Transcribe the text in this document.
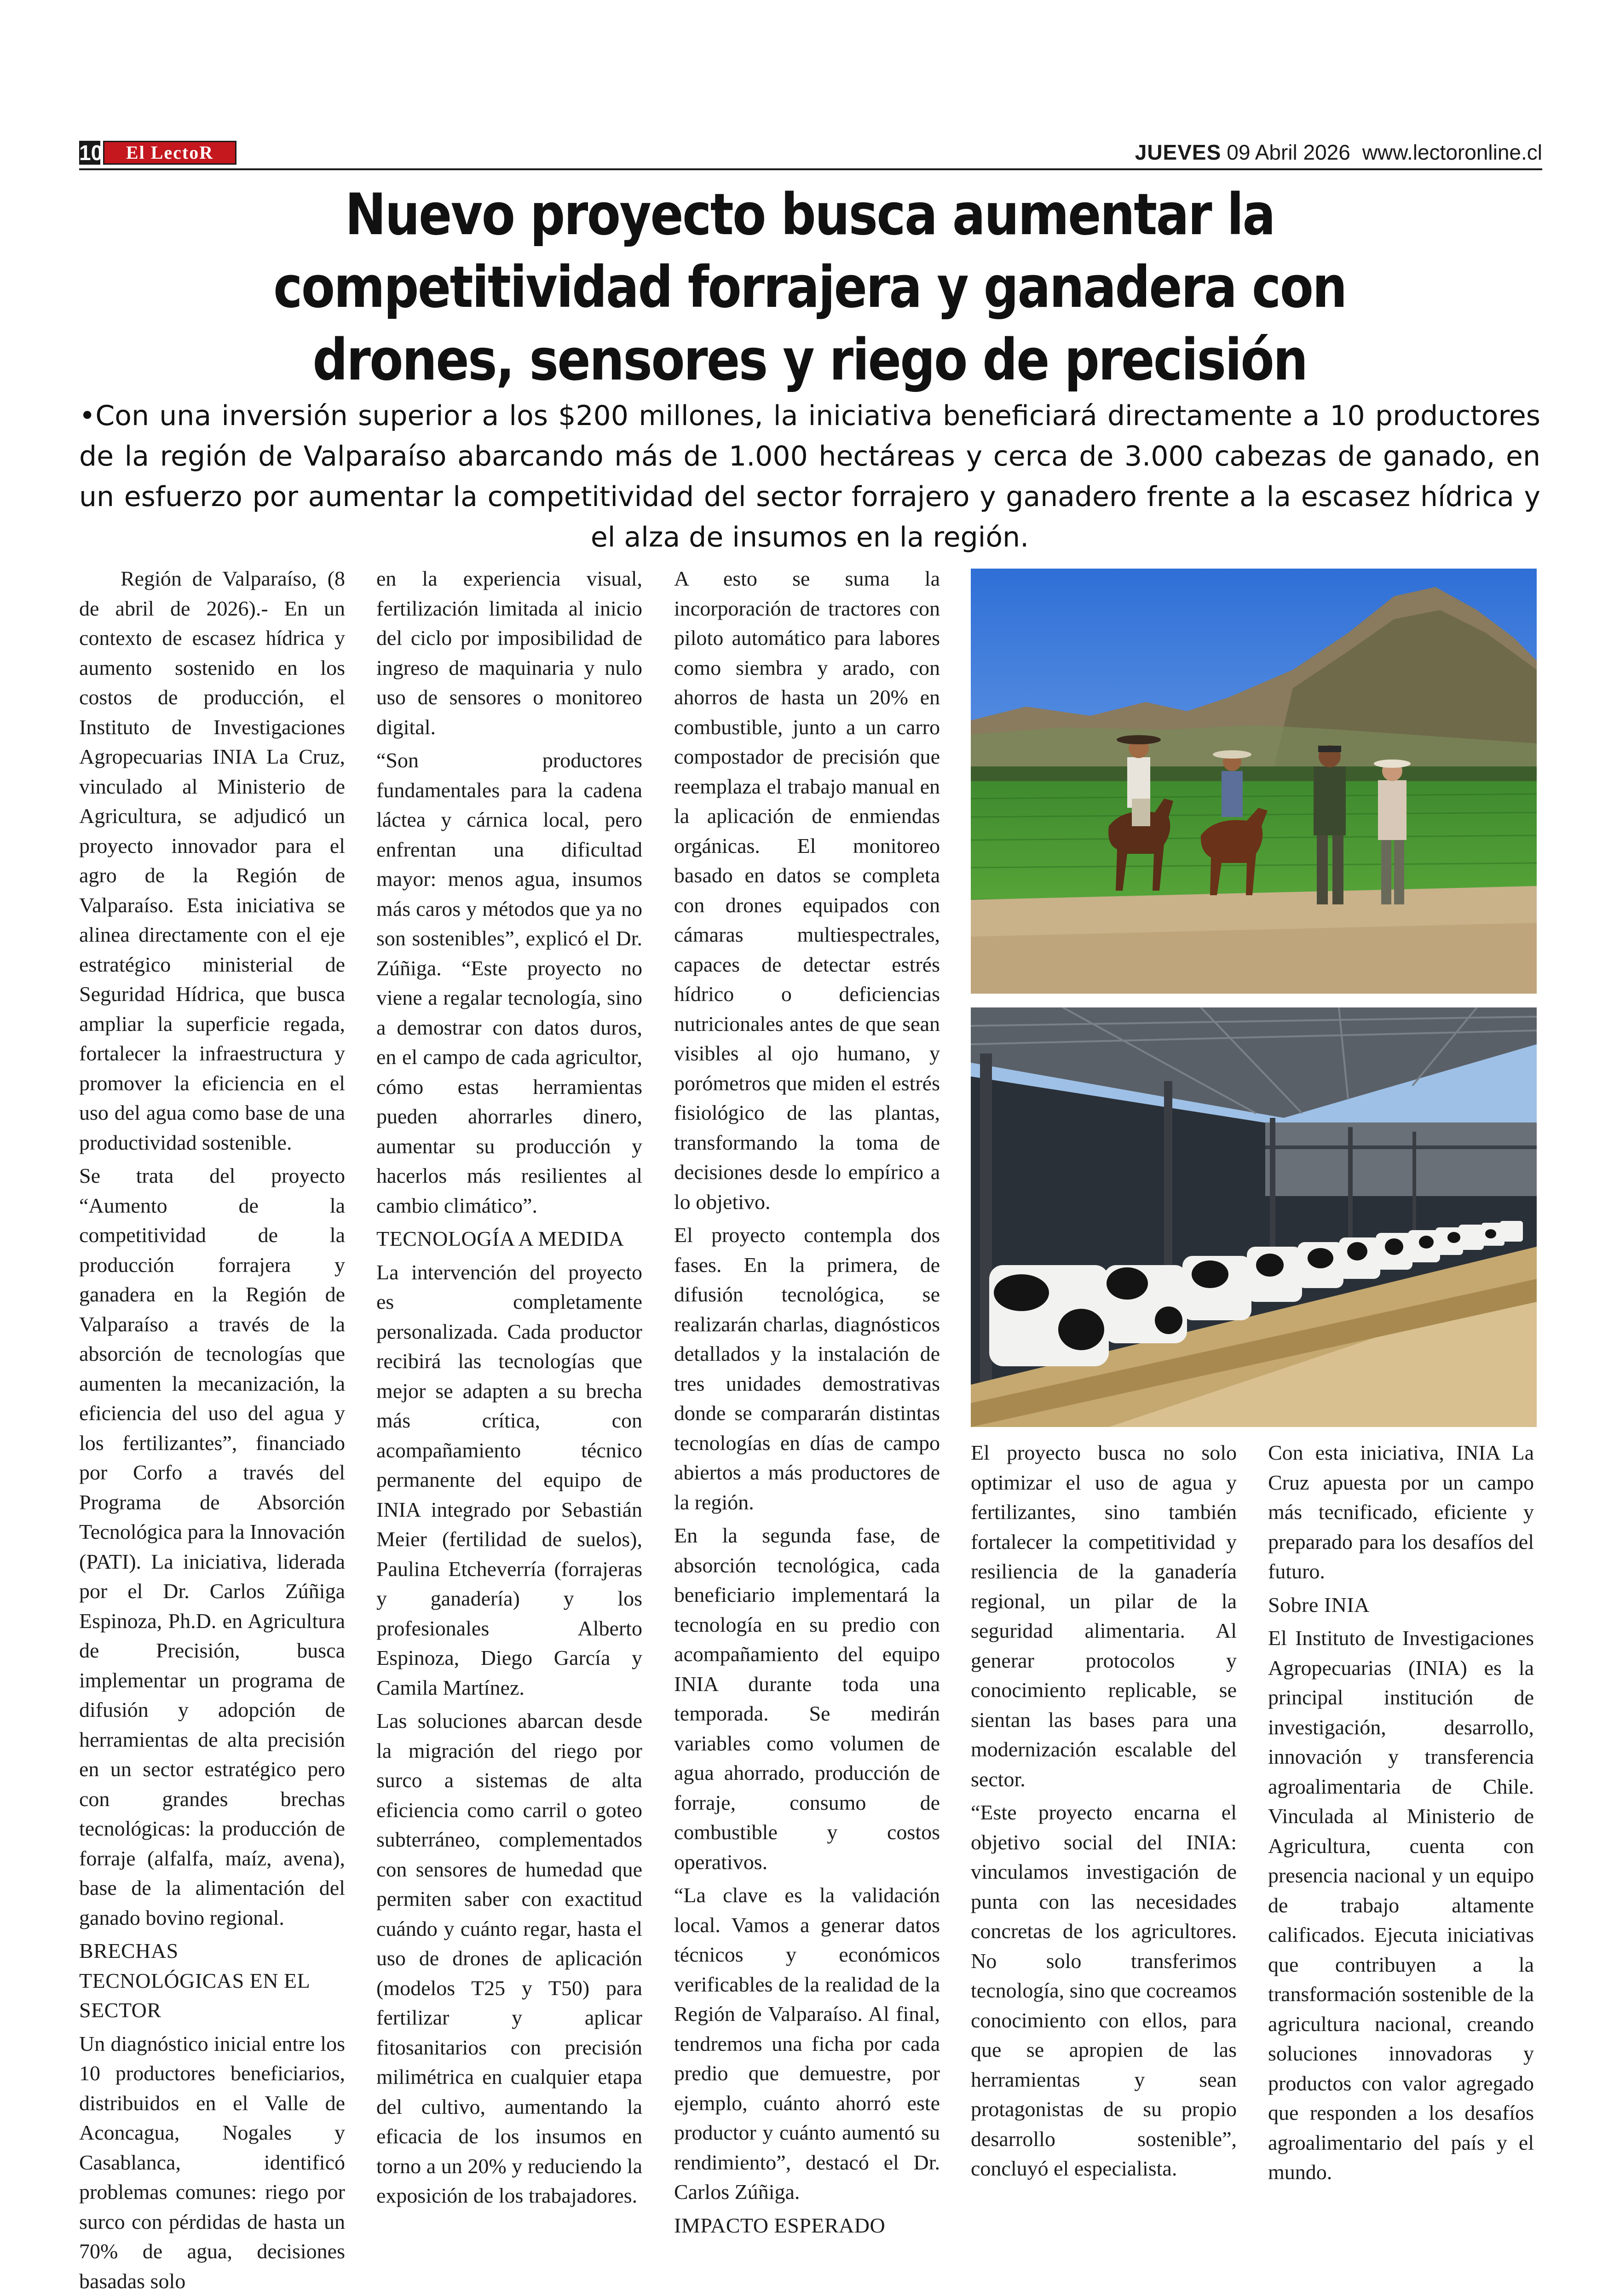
10	El LectoR	JUEVES 09 Abril 2026 www.lectoronline.cl
Nuevo proyecto busca aumentar la competitividad forrajera y ganadera con drones, sensores y riego de precisión
•Con una inversión superior a los $200 millones, la iniciativa beneficiará directamente a 10 productores de la región de Valparaíso abarcando más de 1.000 hectáreas y cerca de 3.000 cabezas de ganado, en un esfuerzo por aumentar la competitividad del sector forrajero y ganadero frente a la escasez hídrica y el alza de insumos en la región.

Región de Valparaíso, (8 de abril de 2026).- En un contexto de escasez hídrica y aumento sostenido en los costos de producción, el Instituto de Investigaciones Agropecuarias INIA La Cruz, vinculado al Ministerio de Agricultura, se adjudicó un proyecto innovador para el agro de la Región de Valparaíso. Esta iniciativa se alinea directamente con el eje estratégico ministerial de Seguridad Hídrica, que busca ampliar la superficie regada, fortalecer la infraestructura y promover la eficiencia en el uso del agua como base de una productividad sostenible.

Se trata del proyecto “Aumento de la competitividad de la producción forrajera y ganadera en la Región de Valparaíso a través de la absorción de tecnologías que aumenten la mecanización, la eficiencia del uso del agua y los fertilizantes”, financiado por Corfo a través del Programa de Absorción Tecnológica para la Innovación (PATI). La iniciativa, liderada por el Dr. Carlos Zúñiga Espinoza, Ph.D. en Agricultura de Precisión, busca implementar un programa de difusión y adopción de herramientas de alta precisión en un sector estratégico pero con grandes brechas tecnológicas: la producción de forraje (alfalfa, maíz, avena), base de la alimentación del ganado bovino regional.

BRECHAS TECNOLÓGICAS EN EL SECTOR

Un diagnóstico inicial entre los 10 productores beneficiarios, distribuidos en el Valle de Aconcagua, Nogales y Casablanca, identificó problemas comunes: riego por surco con pérdidas de hasta un 70% de agua, decisiones basadas solo

en la experiencia visual, fertilización limitada al inicio del ciclo por imposibilidad de ingreso de maquinaria y nulo uso de sensores o monitoreo digital.

“Son productores fundamentales para la cadena láctea y cárnica local, pero enfrentan una dificultad mayor: menos agua, insumos más caros y métodos que ya no son sostenibles”, explicó el Dr. Zúñiga. “Este proyecto no viene a regalar tecnología, sino a demostrar con datos duros, en el campo de cada agricultor, cómo estas herramientas pueden ahorrarles dinero, aumentar su producción y hacerlos más resilientes al cambio climático”.

TECNOLOGÍA A MEDIDA

La intervención del proyecto es completamente personalizada. Cada productor recibirá las tecnologías que mejor se adapten a su brecha más crítica, con acompañamiento técnico permanente del equipo de INIA integrado por Sebastián Meier (fertilidad de suelos), Paulina Etcheverría (forrajeras y ganadería) y los profesionales Alberto Espinoza, Diego García y Camila Martínez.

Las soluciones abarcan desde la migración del riego por surco a sistemas de alta eficiencia como carril o goteo subterráneo, complementados con sensores de humedad que permiten saber con exactitud cuándo y cuánto regar, hasta el uso de drones de aplicación (modelos T25 y T50) para fertilizar y aplicar fitosanitarios con precisión milimétrica en cualquier etapa del cultivo, aumentando la eficacia de los insumos en torno a un 20% y reduciendo la exposición de los trabajadores.

A esto se suma la incorporación de tractores con piloto automático para labores como siembra y arado, con ahorros de hasta un 20% en combustible, junto a un carro compostador de precisión que reemplaza el trabajo manual en la aplicación de enmiendas orgánicas. El monitoreo basado en datos se completa con drones equipados con cámaras multiespectrales, capaces de detectar estrés hídrico o deficiencias nutricionales antes de que sean visibles al ojo humano, y porómetros que miden el estrés fisiológico de las plantas, transformando la toma de decisiones desde lo empírico a lo objetivo.

El proyecto contempla dos fases. En la primera, de difusión tecnológica, se realizarán charlas, diagnósticos detallados y la instalación de tres unidades demostrativas donde se compararán distintas tecnologías en días de campo abiertos a más productores de la región.

En la segunda fase, de absorción tecnológica, cada beneficiario implementará la tecnología en su predio con acompañamiento del equipo INIA durante toda una temporada. Se medirán variables como volumen de agua ahorrado, producción de forraje, consumo de combustible y costos operativos.

“La clave es la validación local. Vamos a generar datos técnicos y económicos verificables de la realidad de la Región de Valparaíso. Al final, tendremos una ficha por cada predio que demuestre, por ejemplo, cuánto ahorró este productor y cuánto aumentó su rendimiento”, destacó el Dr. Carlos Zúñiga.

IMPACTO ESPERADO

El proyecto busca no solo optimizar el uso de agua y fertilizantes, sino también fortalecer la competitividad y resiliencia de la ganadería regional, un pilar de la seguridad alimentaria. Al generar protocolos y conocimiento replicable, se sientan las bases para una modernización escalable del sector.

“Este proyecto encarna el objetivo social del INIA: vinculamos investigación de punta con las necesidades concretas de los agricultores. No solo transferimos tecnología, sino que cocreamos conocimiento con ellos, para que se apropien de las herramientas y sean protagonistas de su propio desarrollo sostenible”, concluyó el especialista.

Con esta iniciativa, INIA La Cruz apuesta por un campo más tecnificado, eficiente y preparado para los desafíos del futuro.

Sobre INIA

El Instituto de Investigaciones Agropecuarias (INIA) es la principal institución de investigación, desarrollo, innovación y transferencia agroalimentaria de Chile. Vinculada al Ministerio de Agricultura, cuenta con presencia nacional y un equipo de trabajo altamente calificados. Ejecuta iniciativas que contribuyen a la transformación sostenible de la agricultura nacional, creando soluciones innovadoras y productos con valor agregado que responden a los desafíos agroalimentario del país y el mundo.
